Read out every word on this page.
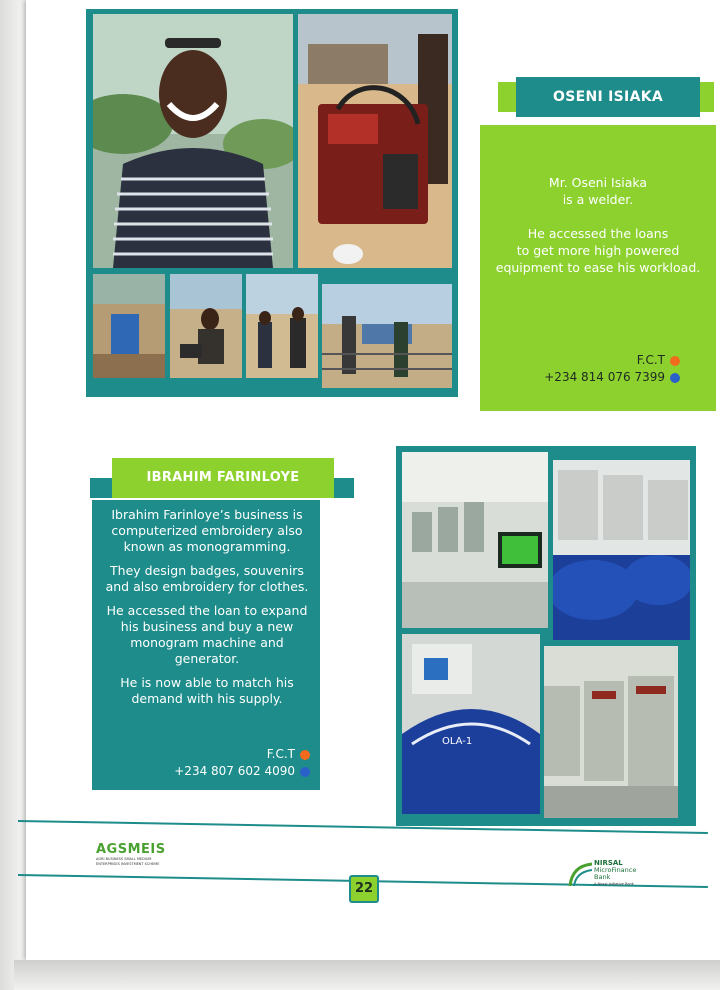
OSENI ISIAKA
Mr. Oseni Isiaka
is a welder.
He accessed the loans
to get more high powered
equipment to ease his workload.
F.C.T
+234 814 076 7399
IBRAHIM FARINLOYE

Ibrahim Farinloye’s business is computerized embroidery also known as monogramming.

They design badges, souvenirs and also embroidery for clothes.

He accessed the loan to expand his business and buy a new monogram machine and generator.

He is now able to match his demand with his supply.

F.C.T
+234 807 602 4090
OLA-1
AGSMEIS
AGRI BUSINESS SMALL MEDIUM ENTERPRISES INVESTMENT SCHEME
22
NIRSAL
MicroFinance
Bank
A Nirsal Initiative Bank
